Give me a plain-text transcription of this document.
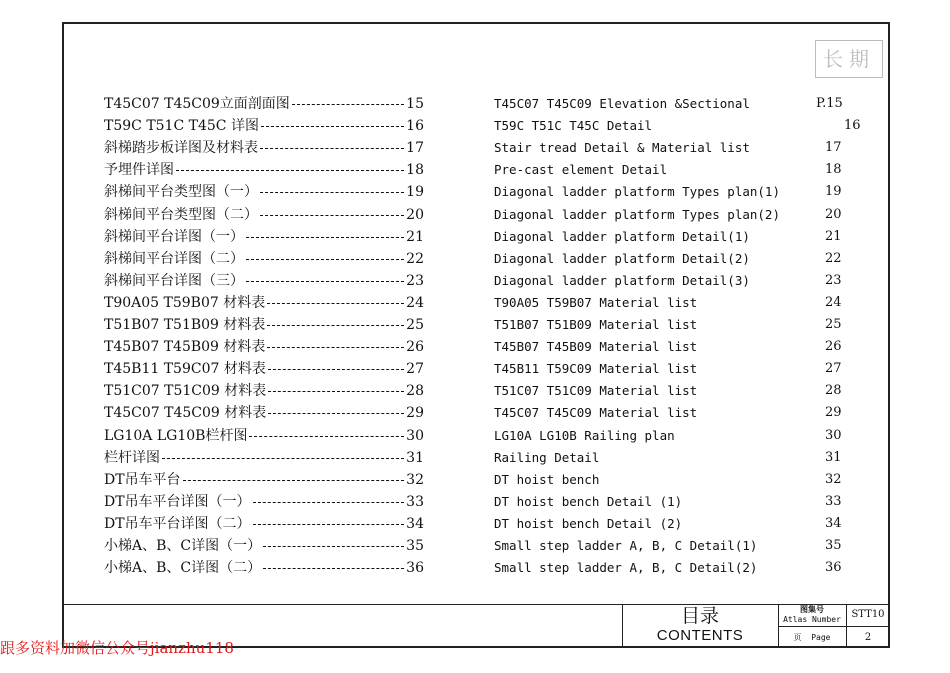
长期
T45C07 T45C09立面剖面图	15
T59C T51C T45C 详图	16
斜梯踏步板详图及材料表	17
予埋件详图	18
斜梯间平台类型图（一）	19
斜梯间平台类型图（二）	20
斜梯间平台详图（一）	21
斜梯间平台详图（二）	22
斜梯间平台详图（三）	23
T90A05 T59B07 材料表	24
T51B07 T51B09 材料表	25
T45B07 T45B09 材料表	26
T45B11 T59C07 材料表	27
T51C07 T51C09 材料表	28
T45C07 T45C09 材料表	29
LG10A LG10B栏杆图	30
栏杆详图	31
DT吊车平台	32
DT吊车平台详图（一）	33
DT吊车平台详图（二）	34
小梯A、B、C详图（一）	35
小梯A、B、C详图（二）	36
T45C07 T45C09 Elevation &Sectional	P.15
T59C T51C T45C Detail	16
Stair tread Detail & Material list	17
Pre-cast element Detail	18
Diagonal ladder platform Types plan(1)	19
Diagonal ladder platform Types plan(2)	20
Diagonal ladder platform Detail(1)	21
Diagonal ladder platform Detail(2)	22
Diagonal ladder platform Detail(3)	23
T90A05 T59B07 Material list	24
T51B07 T51B09 Material list	25
T45B07 T45B09 Material list	26
T45B11 T59C09 Material list	27
T51C07 T51C09 Material list	28
T45C07 T45C09 Material list	29
LG10A LG10B Railing plan	30
Railing Detail	31
DT hoist bench	32
DT hoist bench Detail (1)	33
DT hoist bench Detail (2)	34
Small step ladder A, B, C Detail(1)	35
Small step ladder A, B, C Detail(2)	36
目录
CONTENTS
图集号
Atlas Number	STT10
页 Page	2
跟多资料加微信公众号jianzhu118
